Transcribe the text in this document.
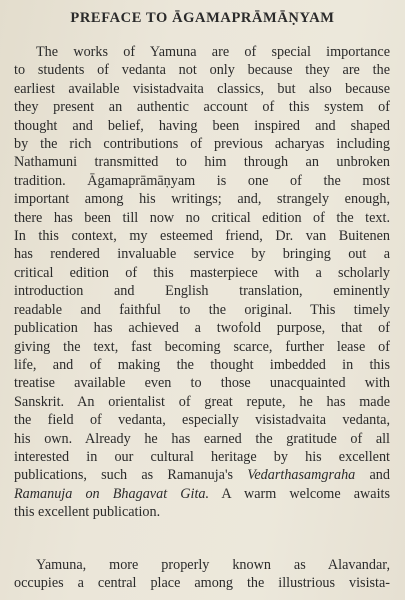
PREFACE TO ĀGAMAPRĀMĀṆYAM
The works of Yamuna are of special importance
to students of vedanta not only because they are the
earliest available visistadvaita classics, but also because
they present an authentic account of this system of
thought and belief, having been inspired and shaped
by the rich contributions of previous acharyas including
Nathamuni transmitted to him through an unbroken
tradition. Āgamaprāmāṇyam is one of the most
important among his writings; and, strangely enough,
there has been till now no critical edition of the text.
In this context, my esteemed friend, Dr. van Buitenen
has rendered invaluable service by bringing out a
critical edition of this masterpiece with a scholarly
introduction and English translation, eminently
readable and faithful to the original. This timely
publication has achieved a twofold purpose, that of
giving the text, fast becoming scarce, further lease of
life, and of making the thought imbedded in this
treatise available even to those unacquainted with
Sanskrit. An orientalist of great repute, he has made
the field of vedanta, especially visistadvaita vedanta,
his own. Already he has earned the gratitude of all
interested in our cultural heritage by his excellent
publications, such as Ramanuja's Vedarthasamgraha and
Ramanuja on Bhagavat Gita. A warm welcome awaits
this excellent publication.
Yamuna, more properly known as Alavandar,
occupies a central place among the illustrious visista-
